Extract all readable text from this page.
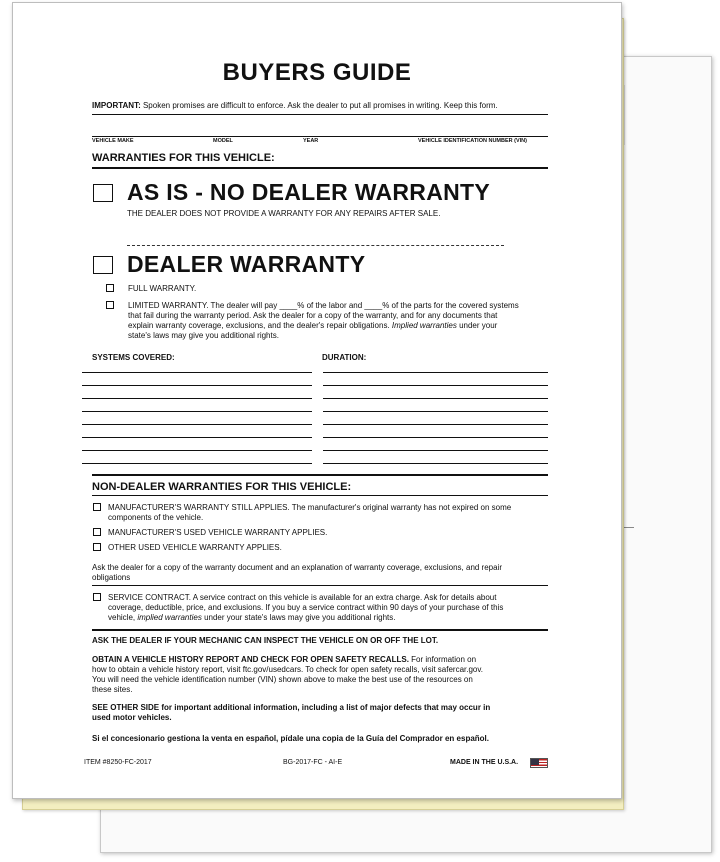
BUYERS GUIDE
IMPORTANT: Spoken promises are difficult to enforce. Ask the dealer to put all promises in writing. Keep this form.
VEHICLE MAKE	MODEL	YEAR	VEHICLE IDENTIFICATION NUMBER (VIN)
WARRANTIES FOR THIS VEHICLE:
AS IS - NO DEALER WARRANTY
THE DEALER DOES NOT PROVIDE A WARRANTY FOR ANY REPAIRS AFTER SALE.
DEALER WARRANTY
FULL WARRANTY.
LIMITED WARRANTY. The dealer will pay ____% of the labor and ____% of the parts for the covered systems
that fail during the warranty period. Ask the dealer for a copy of the warranty, and for any documents that
explain warranty coverage, exclusions, and the dealer's repair obligations. Implied warranties under your
state's laws may give you additional rights.
SYSTEMS COVERED:	DURATION:
NON-DEALER WARRANTIES FOR THIS VEHICLE:
MANUFACTURER'S WARRANTY STILL APPLIES. The manufacturer's original warranty has not expired on some
components of the vehicle.
MANUFACTURER'S USED VEHICLE WARRANTY APPLIES.
OTHER USED VEHICLE WARRANTY APPLIES.
Ask the dealer for a copy of the warranty document and an explanation of warranty coverage, exclusions, and repair
obligations
SERVICE CONTRACT. A service contract on this vehicle is available for an extra charge. Ask for details about
coverage, deductible, price, and exclusions. If you buy a service contract within 90 days of your purchase of this
vehicle, implied warranties under your state's laws may give you additional rights.
ASK THE DEALER IF YOUR MECHANIC CAN INSPECT THE VEHICLE ON OR OFF THE LOT.
OBTAIN A VEHICLE HISTORY REPORT AND CHECK FOR OPEN SAFETY RECALLS. For information on
how to obtain a vehicle history report, visit ftc.gov/usedcars. To check for open safety recalls, visit safercar.gov.
You will need the vehicle identification number (VIN) shown above to make the best use of the resources on
these sites.
SEE OTHER SIDE for important additional information, including a list of major defects that may occur in
used motor vehicles.
Si el concesionario gestiona la venta en español, pídale una copia de la Guía del Comprador en español.
ITEM #8250-FC-2017	BG-2017-FC - AI-E	MADE IN THE U.S.A.
